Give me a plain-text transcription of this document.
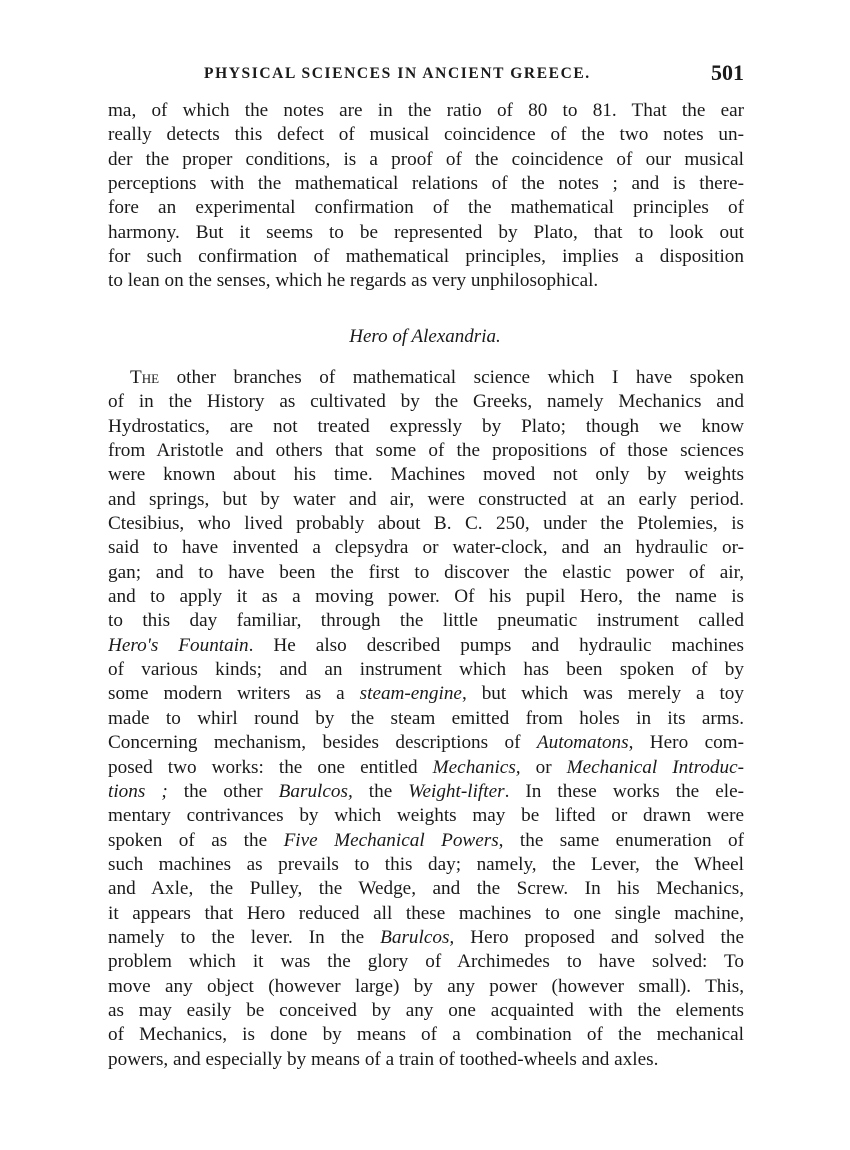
PHYSICAL SCIENCES IN ANCIENT GREECE.	501
ma, of which the notes are in the ratio of 80 to 81. That the ear
really detects this defect of musical coincidence of the two notes un-
der the proper conditions, is a proof of the coincidence of our musical
perceptions with the mathematical relations of the notes ; and is there-
fore an experimental confirmation of the mathematical principles of
harmony. But it seems to be represented by Plato, that to look out
for such confirmation of mathematical principles, implies a disposition
to lean on the senses, which he regards as very unphilosophical.
Hero of Alexandria.
The other branches of mathematical science which I have spoken
of in the History as cultivated by the Greeks, namely Mechanics and
Hydrostatics, are not treated expressly by Plato; though we know
from Aristotle and others that some of the propositions of those sciences
were known about his time. Machines moved not only by weights
and springs, but by water and air, were constructed at an early period.
Ctesibius, who lived probably about B. C. 250, under the Ptolemies, is
said to have invented a clepsydra or water-clock, and an hydraulic or-
gan; and to have been the first to discover the elastic power of air,
and to apply it as a moving power. Of his pupil Hero, the name is
to this day familiar, through the little pneumatic instrument called
Hero's Fountain. He also described pumps and hydraulic machines
of various kinds; and an instrument which has been spoken of by
some modern writers as a steam-engine, but which was merely a toy
made to whirl round by the steam emitted from holes in its arms.
Concerning mechanism, besides descriptions of Automatons, Hero com-
posed two works: the one entitled Mechanics, or Mechanical Introduc-
tions ; the other Barulcos, the Weight-lifter. In these works the ele-
mentary contrivances by which weights may be lifted or drawn were
spoken of as the Five Mechanical Powers, the same enumeration of
such machines as prevails to this day; namely, the Lever, the Wheel
and Axle, the Pulley, the Wedge, and the Screw. In his Mechanics,
it appears that Hero reduced all these machines to one single machine,
namely to the lever. In the Barulcos, Hero proposed and solved the
problem which it was the glory of Archimedes to have solved: To
move any object (however large) by any power (however small). This,
as may easily be conceived by any one acquainted with the elements
of Mechanics, is done by means of a combination of the mechanical
powers, and especially by means of a train of toothed-wheels and axles.
